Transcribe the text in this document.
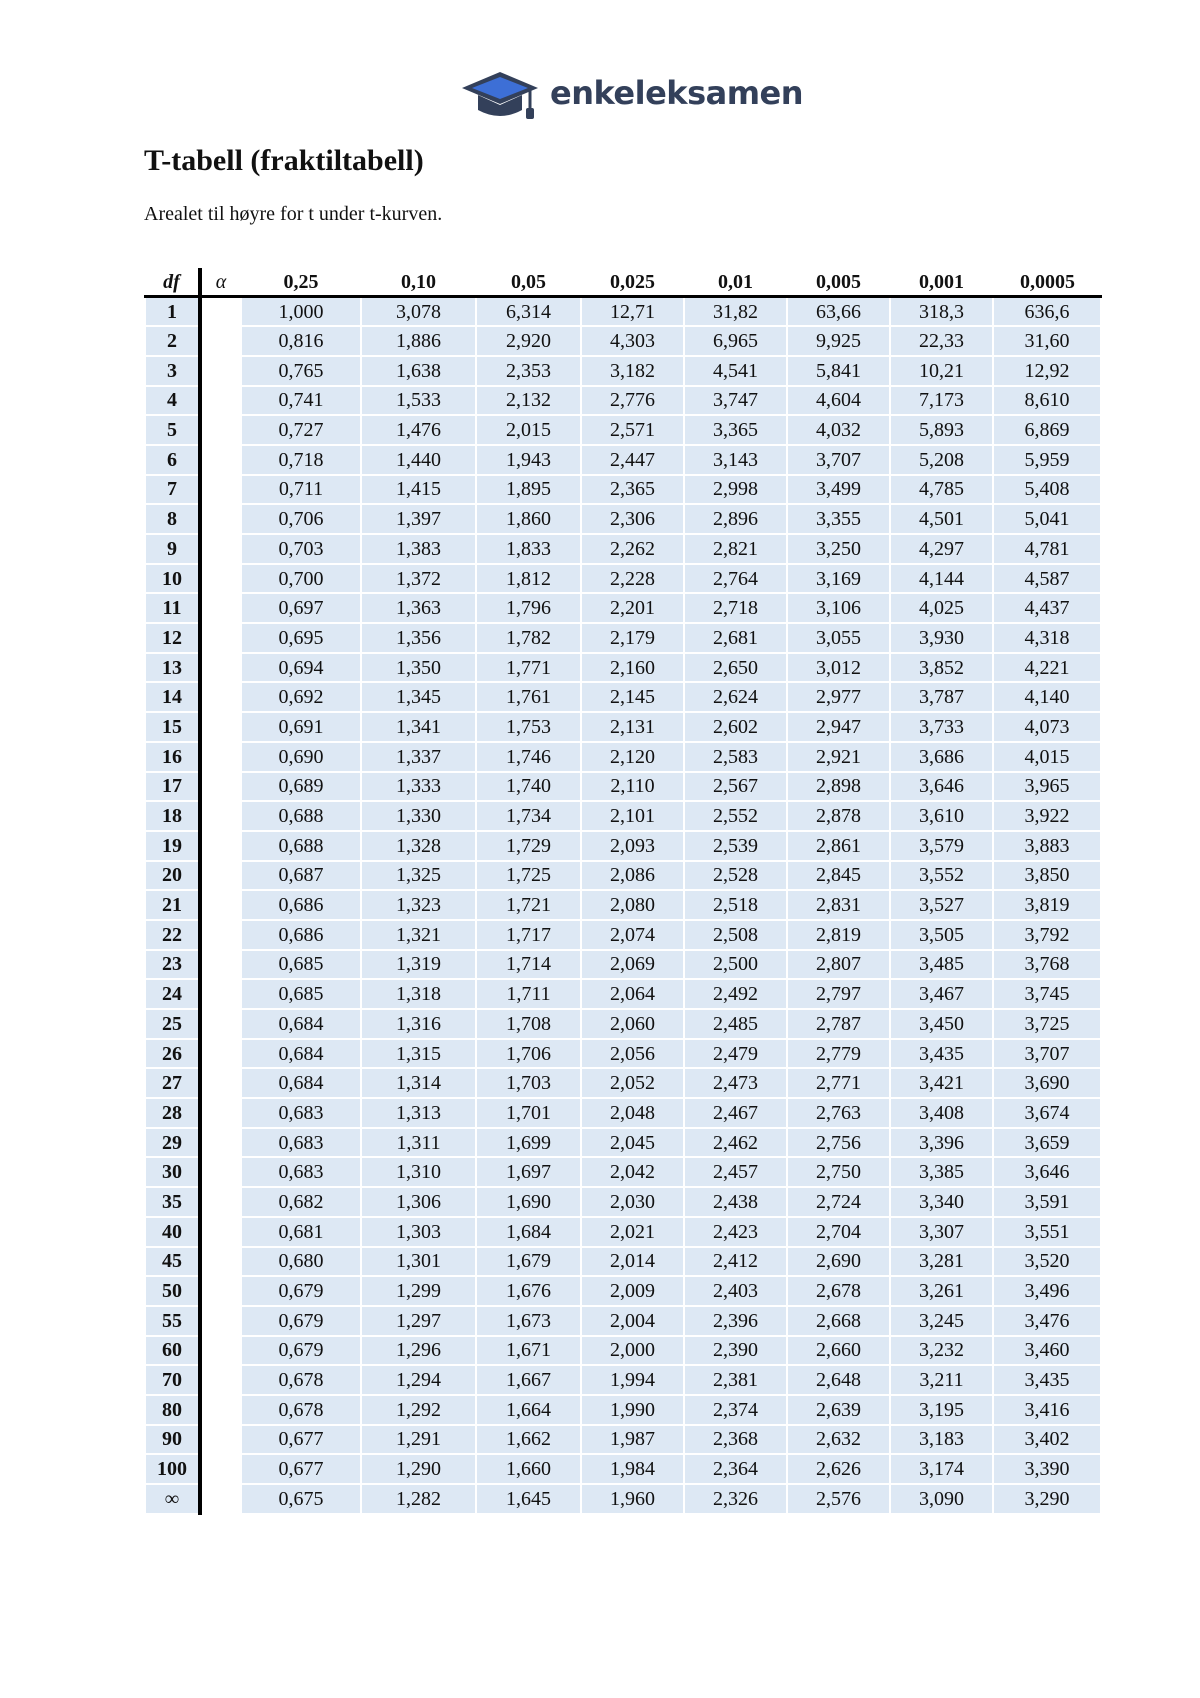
enkeleksamen
T-tabell (fraktiltabell)

Arealet til høyre for t under t-kurven.

df	α	0,25	0,10	0,05	0,025	0,01	0,005	0,001	0,0005
1		1,000	3,078	6,314	12,71	31,82	63,66	318,3	636,6
2		0,816	1,886	2,920	4,303	6,965	9,925	22,33	31,60
3		0,765	1,638	2,353	3,182	4,541	5,841	10,21	12,92
4		0,741	1,533	2,132	2,776	3,747	4,604	7,173	8,610
5		0,727	1,476	2,015	2,571	3,365	4,032	5,893	6,869
6		0,718	1,440	1,943	2,447	3,143	3,707	5,208	5,959
7		0,711	1,415	1,895	2,365	2,998	3,499	4,785	5,408
8		0,706	1,397	1,860	2,306	2,896	3,355	4,501	5,041
9		0,703	1,383	1,833	2,262	2,821	3,250	4,297	4,781
10		0,700	1,372	1,812	2,228	2,764	3,169	4,144	4,587
11		0,697	1,363	1,796	2,201	2,718	3,106	4,025	4,437
12		0,695	1,356	1,782	2,179	2,681	3,055	3,930	4,318
13		0,694	1,350	1,771	2,160	2,650	3,012	3,852	4,221
14		0,692	1,345	1,761	2,145	2,624	2,977	3,787	4,140
15		0,691	1,341	1,753	2,131	2,602	2,947	3,733	4,073
16		0,690	1,337	1,746	2,120	2,583	2,921	3,686	4,015
17		0,689	1,333	1,740	2,110	2,567	2,898	3,646	3,965
18		0,688	1,330	1,734	2,101	2,552	2,878	3,610	3,922
19		0,688	1,328	1,729	2,093	2,539	2,861	3,579	3,883
20		0,687	1,325	1,725	2,086	2,528	2,845	3,552	3,850
21		0,686	1,323	1,721	2,080	2,518	2,831	3,527	3,819
22		0,686	1,321	1,717	2,074	2,508	2,819	3,505	3,792
23		0,685	1,319	1,714	2,069	2,500	2,807	3,485	3,768
24		0,685	1,318	1,711	2,064	2,492	2,797	3,467	3,745
25		0,684	1,316	1,708	2,060	2,485	2,787	3,450	3,725
26		0,684	1,315	1,706	2,056	2,479	2,779	3,435	3,707
27		0,684	1,314	1,703	2,052	2,473	2,771	3,421	3,690
28		0,683	1,313	1,701	2,048	2,467	2,763	3,408	3,674
29		0,683	1,311	1,699	2,045	2,462	2,756	3,396	3,659
30		0,683	1,310	1,697	2,042	2,457	2,750	3,385	3,646
35		0,682	1,306	1,690	2,030	2,438	2,724	3,340	3,591
40		0,681	1,303	1,684	2,021	2,423	2,704	3,307	3,551
45		0,680	1,301	1,679	2,014	2,412	2,690	3,281	3,520
50		0,679	1,299	1,676	2,009	2,403	2,678	3,261	3,496
55		0,679	1,297	1,673	2,004	2,396	2,668	3,245	3,476
60		0,679	1,296	1,671	2,000	2,390	2,660	3,232	3,460
70		0,678	1,294	1,667	1,994	2,381	2,648	3,211	3,435
80		0,678	1,292	1,664	1,990	2,374	2,639	3,195	3,416
90		0,677	1,291	1,662	1,987	2,368	2,632	3,183	3,402
100		0,677	1,290	1,660	1,984	2,364	2,626	3,174	3,390
∞		0,675	1,282	1,645	1,960	2,326	2,576	3,090	3,290
